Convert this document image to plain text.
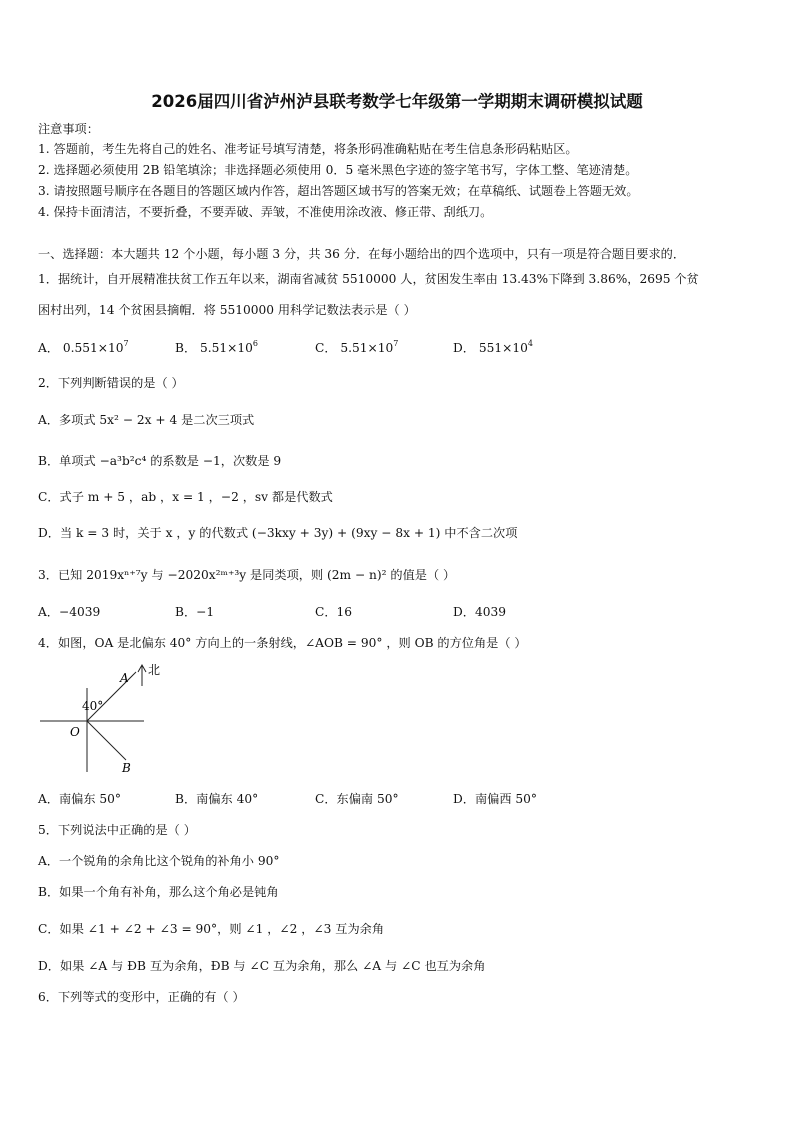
2026届四川省泸州泸县联考数学七年级第一学期期末调研模拟试题
注意事项：
1. 答题前，考生先将自己的姓名、准考证号填写清楚，将条形码准确粘贴在考生信息条形码粘贴区。
2. 选择题必须使用 2B 铅笔填涂；非选择题必须使用 0．5 毫米黑色字迹的签字笔书写，字体工整、笔迹清楚。
3. 请按照题号顺序在各题目的答题区域内作答，超出答题区域书写的答案无效；在草稿纸、试题卷上答题无效。
4. 保持卡面清洁，不要折叠，不要弄破、弄皱，不准使用涂改液、修正带、刮纸刀。
一、选择题：本大题共 12 个小题，每小题 3 分，共 36 分．在每小题给出的四个选项中，只有一项是符合题目要求的．
1．据统计，自开展精准扶贫工作五年以来，湖南省减贫 5510000 人，贫困发生率由 13.43%下降到 3.86%，2695 个贫
困村出列，14 个贫困县摘帽．将 5510000 用科学记数法表示是（ ）
A． $0.551\times 10^7$	B． $5.51\times 10^6$	C． $5.51\times 10^7$	D． $551\times 10^4$
2．下列判断错误的是（ ）
A．多项式 5x² − 2x + 4 是二次三项式
B．单项式 −a³b²c⁴ 的系数是 −1，次数是 9
C．式子 m + 5 ，ab ，x = 1 ，−2 ，sv 都是代数式
D．当 k = 3 时，关于 x ，y 的代数式 (−3kxy + 3y) + (9xy − 8x + 1) 中不含二次项
3．已知 2019xⁿ⁺⁷y 与 −2020x²ᵐ⁺³y 是同类项，则 (2m − n)² 的值是（ ）
A．−4039	B．−1	C．16	D．4039
4．如图，OA 是北偏东 40° 方向上的一条射线，∠AOB = 90° ，则 OB 的方位角是（ ）
北
A
40°
O
B
A．南偏东 50°	B．南偏东 40°	C．东偏南 50°	D．南偏西 50°
5．下列说法中正确的是（ ）
A．一个锐角的余角比这个锐角的补角小 90°
B．如果一个角有补角，那么这个角必是钝角
C．如果 ∠1 + ∠2 + ∠3 = 90°，则 ∠1 ，∠2 ，∠3 互为余角
D．如果 ∠A 与 ÐB 互为余角，ÐB 与 ∠C 互为余角，那么 ∠A 与 ∠C 也互为余角
6．下列等式的变形中，正确的有（ ）
